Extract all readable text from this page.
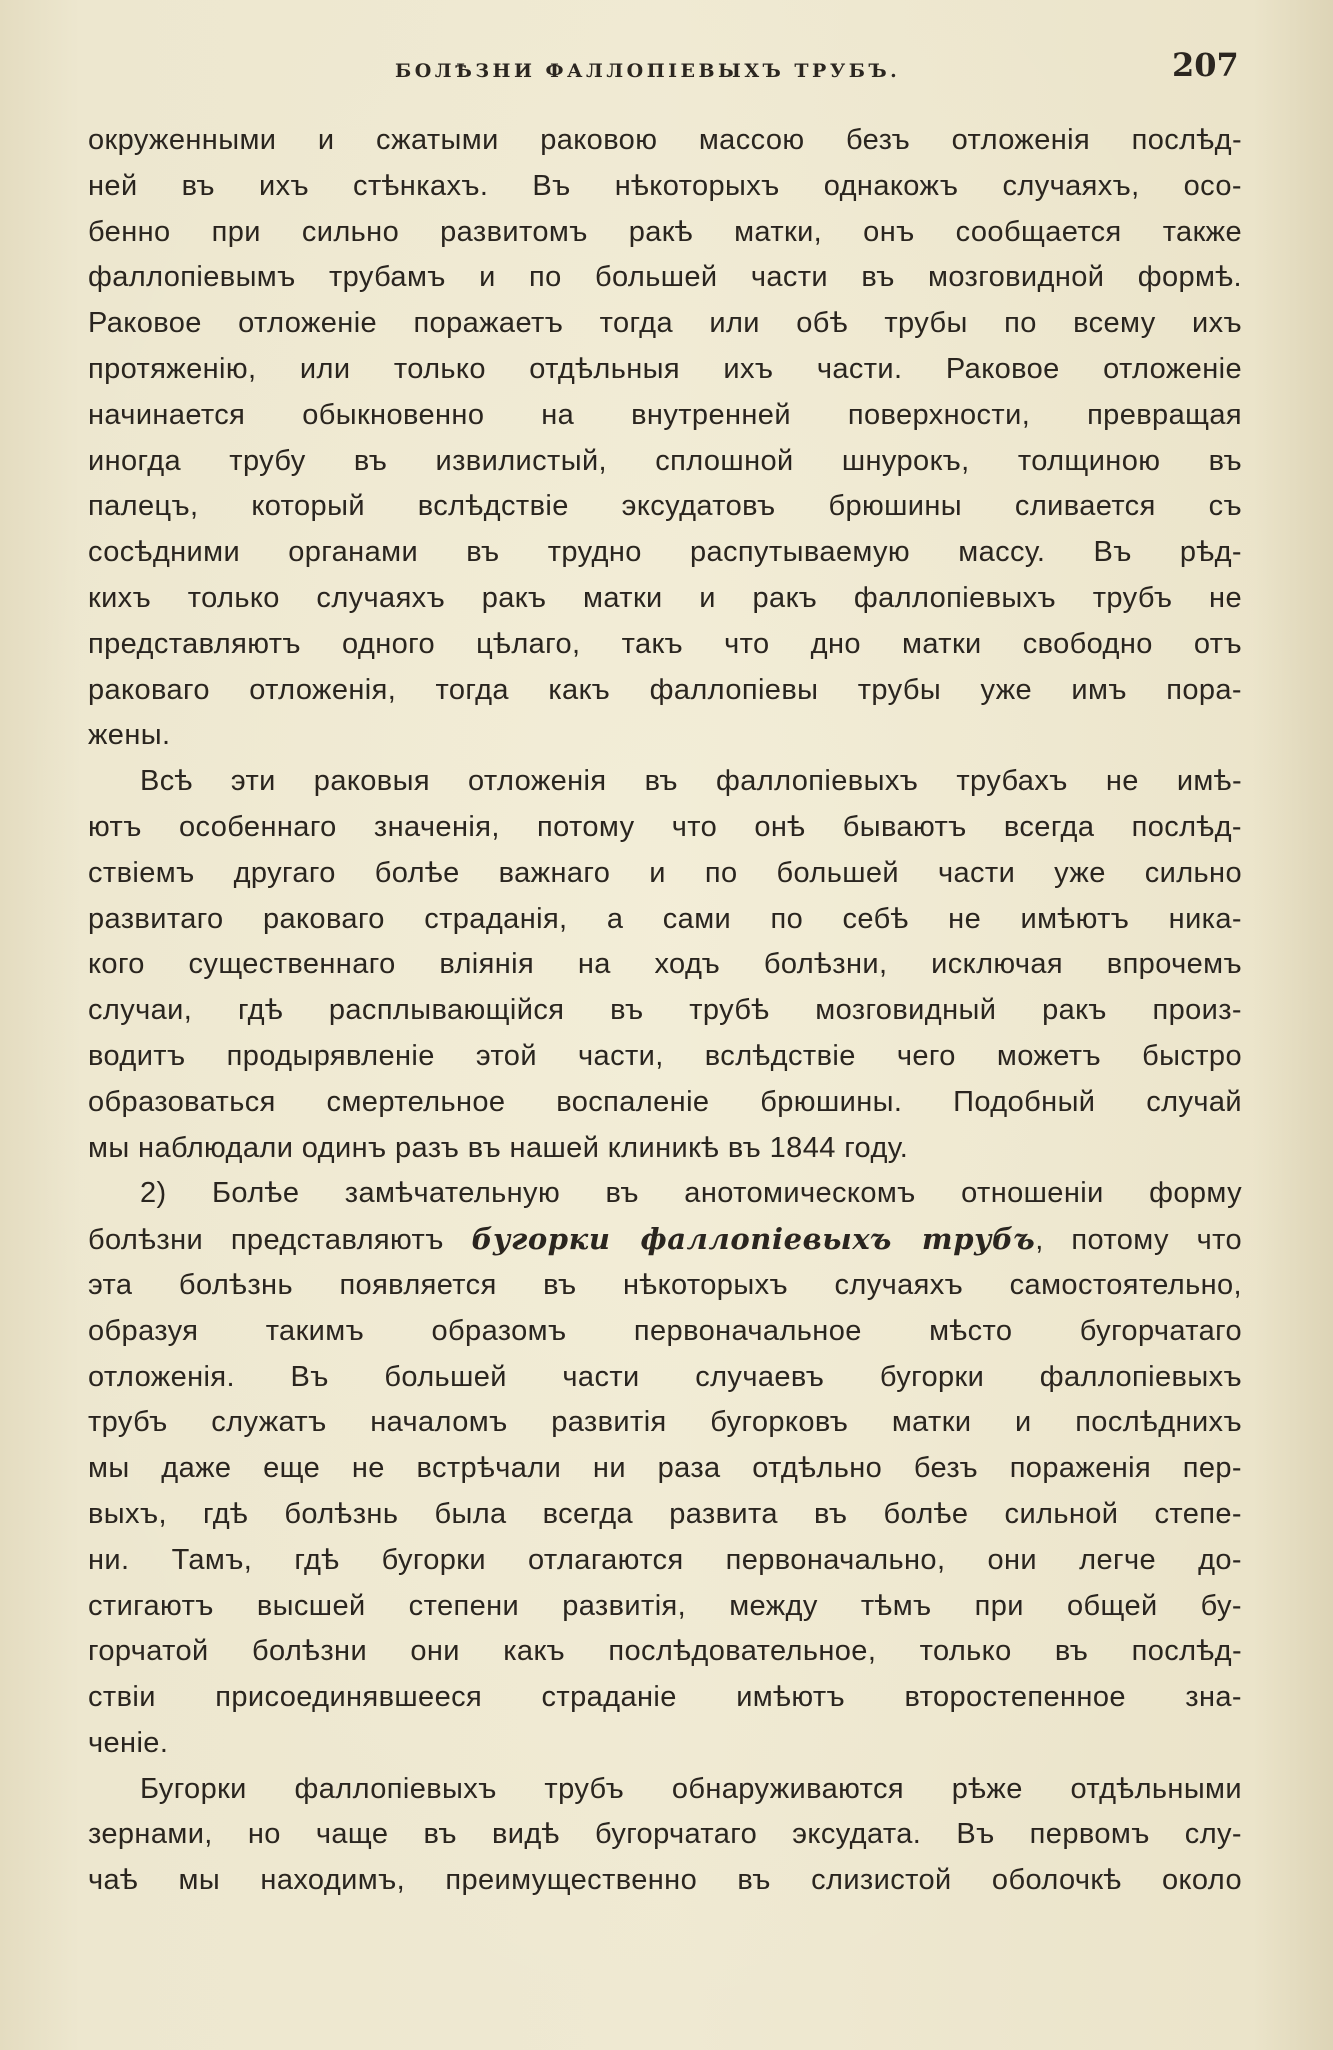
БОЛѢЗНИ ФАЛЛОПІЕВЫХЪ ТРУБЪ.	207
окруженными и сжатыми раковою массою безъ отложенія послѣд-
ней въ ихъ стѣнкахъ. Въ нѣкоторыхъ однакожъ случаяхъ, осо-
бенно при сильно развитомъ ракѣ матки, онъ сообщается также
фаллопіевымъ трубамъ и по большей части въ мозговидной формѣ.
Раковое отложеніе поражаетъ тогда или обѣ трубы по всему ихъ
протяженію, или только отдѣльныя ихъ части. Раковое отложеніе
начинается обыкновенно на внутренней поверхности, превращая
иногда трубу въ извилистый, сплошной шнурокъ, толщиною въ
палецъ, который вслѣдствіе эксудатовъ брюшины сливается съ
сосѣдними органами въ трудно распутываемую массу. Въ рѣд-
кихъ только случаяхъ ракъ матки и ракъ фаллопіевыхъ трубъ не
представляютъ одного цѣлаго, такъ что дно матки свободно отъ
раковаго отложенія, тогда какъ фаллопіевы трубы уже имъ пора-
жены.
Всѣ эти раковыя отложенія въ фаллопіевыхъ трубахъ не имѣ-
ютъ особеннаго значенія, потому что онѣ бываютъ всегда послѣд-
ствіемъ другаго болѣе важнаго и по большей части уже сильно
развитаго раковаго страданія, а сами по себѣ не имѣютъ ника-
кого существеннаго вліянія на ходъ болѣзни, исключая впрочемъ
случаи, гдѣ расплывающійся въ трубѣ мозговидный ракъ произ-
водитъ продырявленіе этой части, вслѣдствіе чего можетъ быстро
образоваться смертельное воспаленіе брюшины. Подобный случай
мы наблюдали одинъ разъ въ нашей клиникѣ въ 1844 году.
2) Болѣе замѣчательную въ анотомическомъ отношеніи форму
болѣзни представляютъ бугорки фаллопіевыхъ трубъ, потому что
эта болѣзнь появляется въ нѣкоторыхъ случаяхъ самостоятельно,
образуя такимъ образомъ первоначальное мѣсто бугорчатаго
отложенія. Въ большей части случаевъ бугорки фаллопіевыхъ
трубъ служатъ началомъ развитія бугорковъ матки и послѣднихъ
мы даже еще не встрѣчали ни раза отдѣльно безъ пораженія пер-
выхъ, гдѣ болѣзнь была всегда развита въ болѣе сильной степе-
ни. Тамъ, гдѣ бугорки отлагаются первоначально, они легче до-
стигаютъ высшей степени развитія, между тѣмъ при общей бу-
горчатой болѣзни они какъ послѣдовательное, только въ послѣд-
ствіи присоединявшееся страданіе имѣютъ второстепенное зна-
ченіе.
Бугорки фаллопіевыхъ трубъ обнаруживаются рѣже отдѣльными
зернами, но чаще въ видѣ бугорчатаго эксудата. Въ первомъ слу-
чаѣ мы находимъ, преимущественно въ слизистой оболочкѣ около
